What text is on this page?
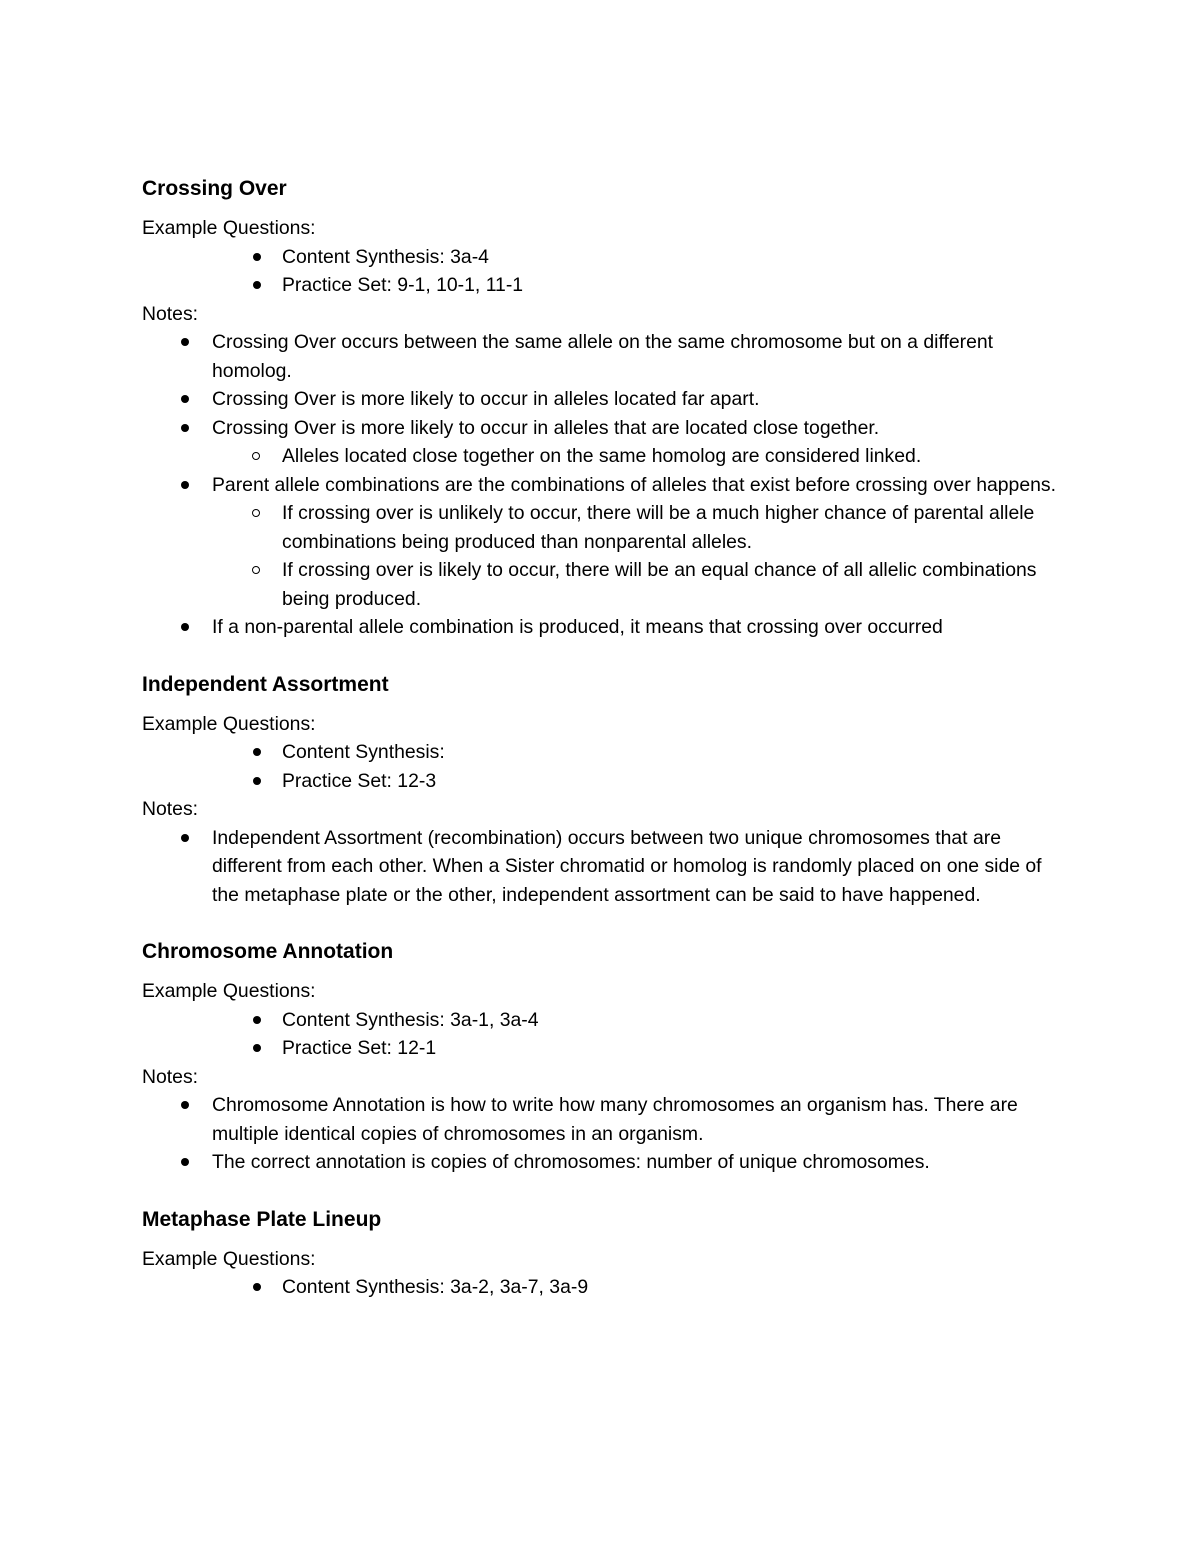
Crossing Over
Example Questions:
Content Synthesis: 3a-4
Practice Set: 9-1, 10-1, 11-1
Notes:
Crossing Over occurs between the same allele on the same chromosome but on a different homolog.
Crossing Over is more likely to occur in alleles located far apart.
Crossing Over is more likely to occur in alleles that are located close together.
Alleles located close together on the same homolog are considered linked.
Parent allele combinations are the combinations of alleles that exist before crossing over happens.
If crossing over is unlikely to occur, there will be a much higher chance of parental allele combinations being produced than nonparental alleles.
If crossing over is likely to occur, there will be an equal chance of all allelic combinations being produced.
If a non-parental allele combination is produced, it means that crossing over occurred
Independent Assortment
Example Questions:
Content Synthesis:
Practice Set: 12-3
Notes:
Independent Assortment (recombination) occurs between two unique chromosomes that are different from each other. When a Sister chromatid or homolog is randomly placed on one side of the metaphase plate or the other, independent assortment can be said to have happened.
Chromosome Annotation
Example Questions:
Content Synthesis: 3a-1, 3a-4
Practice Set: 12-1
Notes:
Chromosome Annotation is how to write how many chromosomes an organism has. There are multiple identical copies of chromosomes in an organism.
The correct annotation is copies of chromosomes: number of unique chromosomes.
Metaphase Plate Lineup
Example Questions:
Content Synthesis: 3a-2, 3a-7, 3a-9
